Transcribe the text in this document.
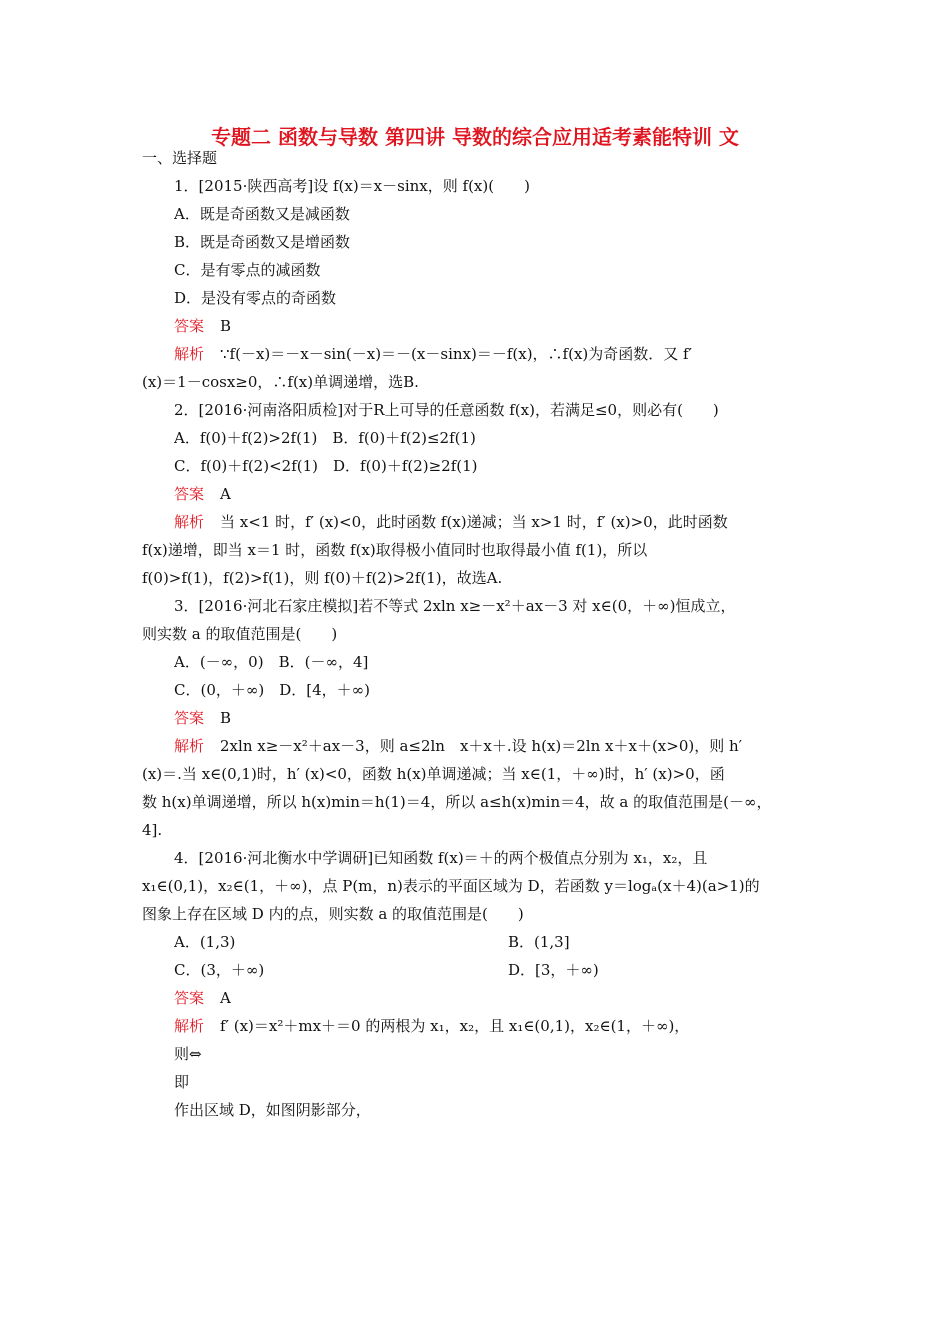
专题二 函数与导数 第四讲 导数的综合应用适考素能特训 文
一、选择题
1．[2015·陕西高考]设 f(x)＝x－sinx，则 f(x)(　　)
A．既是奇函数又是减函数
B．既是奇函数又是增函数
C．是有零点的减函数
D．是没有零点的奇函数
答案 B
解析 ∵f(－x)＝－x－sin(－x)＝－(x－sinx)＝－f(x)，∴f(x)为奇函数．又 f′
(x)＝1－cosx≥0，∴f(x)单调递增，选B.
2．[2016·河南洛阳质检]对于R上可导的任意函数 f(x)，若满足≤0，则必有(　　)
A．f(0)＋f(2)>2f(1)　B．f(0)＋f(2)≤2f(1)
C．f(0)＋f(2)<2f(1)　D．f(0)＋f(2)≥2f(1)
答案 A
解析 当 x<1 时，f′ (x)<0，此时函数 f(x)递减；当 x>1 时，f′ (x)>0，此时函数
f(x)递增，即当 x＝1 时，函数 f(x)取得极小值同时也取得最小值 f(1)，所以
f(0)>f(1)，f(2)>f(1)，则 f(0)＋f(2)>2f(1)，故选A.
3．[2016·河北石家庄模拟]若不等式 2xln x≥－x²＋ax－3 对 x∈(0，＋∞)恒成立，
则实数 a 的取值范围是(　　)
A．(－∞，0)　B．(－∞，4]
C．(0，＋∞)　D．[4，＋∞)
答案 B
解析 2xln x≥－x²＋ax－3，则 a≤2ln　x＋x＋.设 h(x)＝2ln x＋x＋(x>0)，则 h′
(x)＝.当 x∈(0,1)时，h′ (x)<0，函数 h(x)单调递减；当 x∈(1，＋∞)时，h′ (x)>0，函
数 h(x)单调递增，所以 h(x)min＝h(1)＝4，所以 a≤h(x)min＝4，故 a 的取值范围是(－∞，
4].
4．[2016·河北衡水中学调研]已知函数 f(x)＝＋的两个极值点分别为 x₁，x₂，且
x₁∈(0,1)，x₂∈(1，＋∞)，点 P(m，n)表示的平面区域为 D，若函数 y＝logₐ(x＋4)(a>1)的
图象上存在区域 D 内的点，则实数 a 的取值范围是(　　)
A．(1,3)	B．(1,3]
C．(3，＋∞)	D．[3，＋∞)
答案 A
解析 f′ (x)＝x²＋mx＋＝0 的两根为 x₁，x₂，且 x₁∈(0,1)，x₂∈(1，＋∞)，
则⇔
即
作出区域 D，如图阴影部分，
